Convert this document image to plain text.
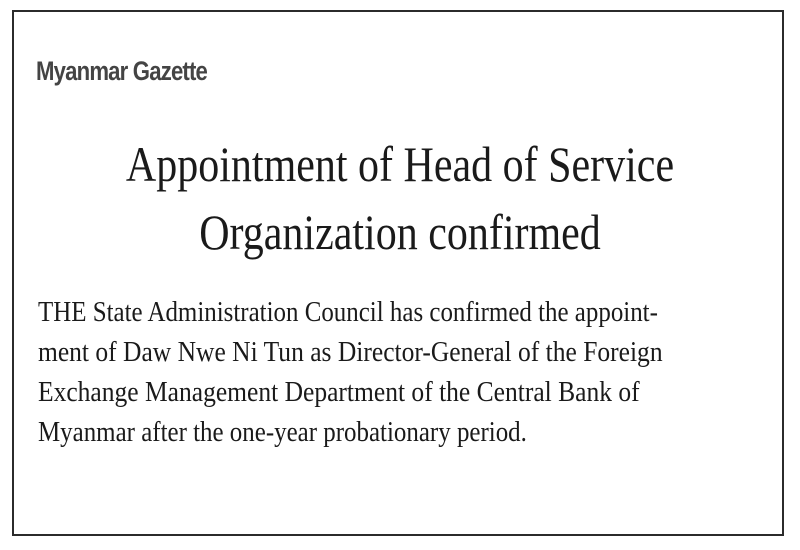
Myanmar Gazette

Appointment of Head of Service
Organization confirmed
THE State Administration Council has confirmed the appoint-
ment of Daw Nwe Ni Tun as Director-General of the Foreign
Exchange Management Department of the Central Bank of
Myanmar after the one-year probationary period.
